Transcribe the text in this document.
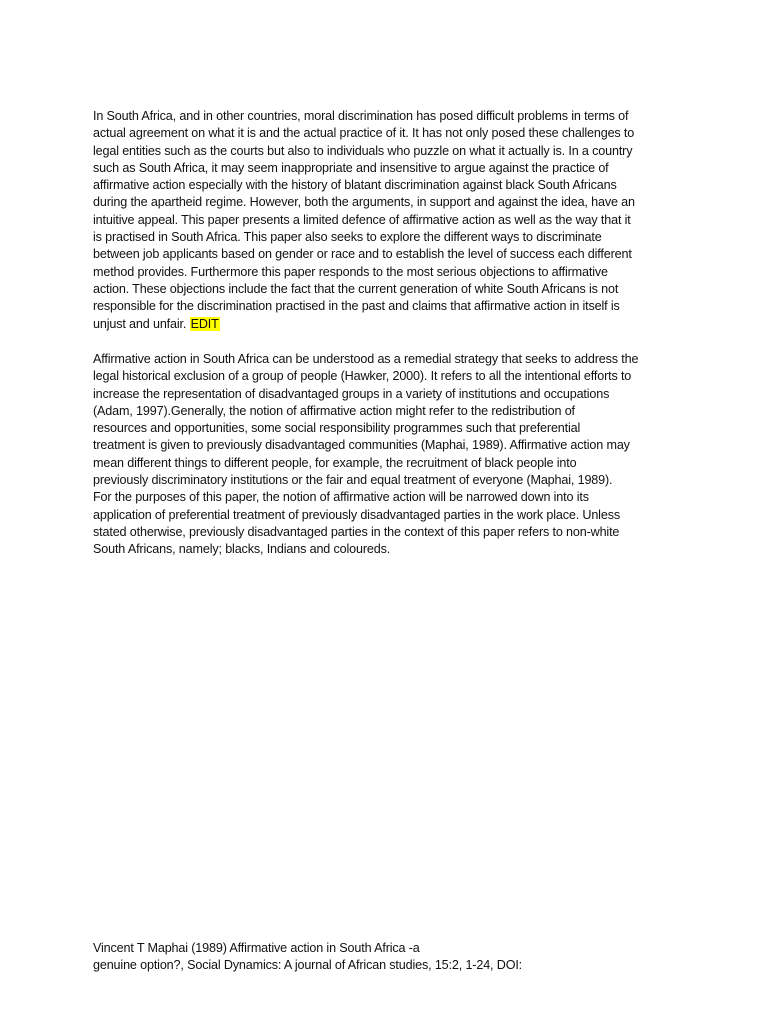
In South Africa, and in other countries, moral discrimination has posed difficult problems in terms of

actual agreement on what it is and the actual practice of it. It has not only posed these challenges to

legal entities such as the courts but also to individuals who puzzle on what it actually is. In a country

such as South Africa, it may seem inappropriate and insensitive to argue against the practice of

affirmative action especially with the history of blatant discrimination against black South Africans

during the apartheid regime. However, both the arguments, in support and against the idea, have an

intuitive appeal. This paper presents a limited defence of affirmative action as well as the way that it

is practised in South Africa. This paper also seeks to explore the different ways to discriminate

between job applicants based on gender or race and to establish the level of success each different

method provides. Furthermore this paper responds to the most serious objections to affirmative

action. These objections include the fact that the current generation of white South Africans is not

responsible for the discrimination practised in the past and claims that affirmative action in itself is

unjust and unfair. EDIT

Affirmative action in South Africa can be understood as a remedial strategy that seeks to address the

legal historical exclusion of a group of people (Hawker, 2000). It refers to all the intentional efforts to

increase the representation of disadvantaged groups in a variety of institutions and occupations

(Adam, 1997).Generally, the notion of affirmative action might refer to the redistribution of

resources and opportunities, some social responsibility programmes such that preferential

treatment is given to previously disadvantaged communities (Maphai, 1989). Affirmative action may

mean different things to different people, for example, the recruitment of black people into

previously discriminatory institutions or the fair and equal treatment of everyone (Maphai, 1989).

For the purposes of this paper, the notion of affirmative action will be narrowed down into its

application of preferential treatment of previously disadvantaged parties in the work place. Unless

stated otherwise, previously disadvantaged parties in the context of this paper refers to non-white

South Africans, namely; blacks, Indians and coloureds.

Vincent T Maphai (1989) Affirmative action in South Africa -a

genuine option?, Social Dynamics: A journal of African studies, 15:2, 1-24, DOI:
